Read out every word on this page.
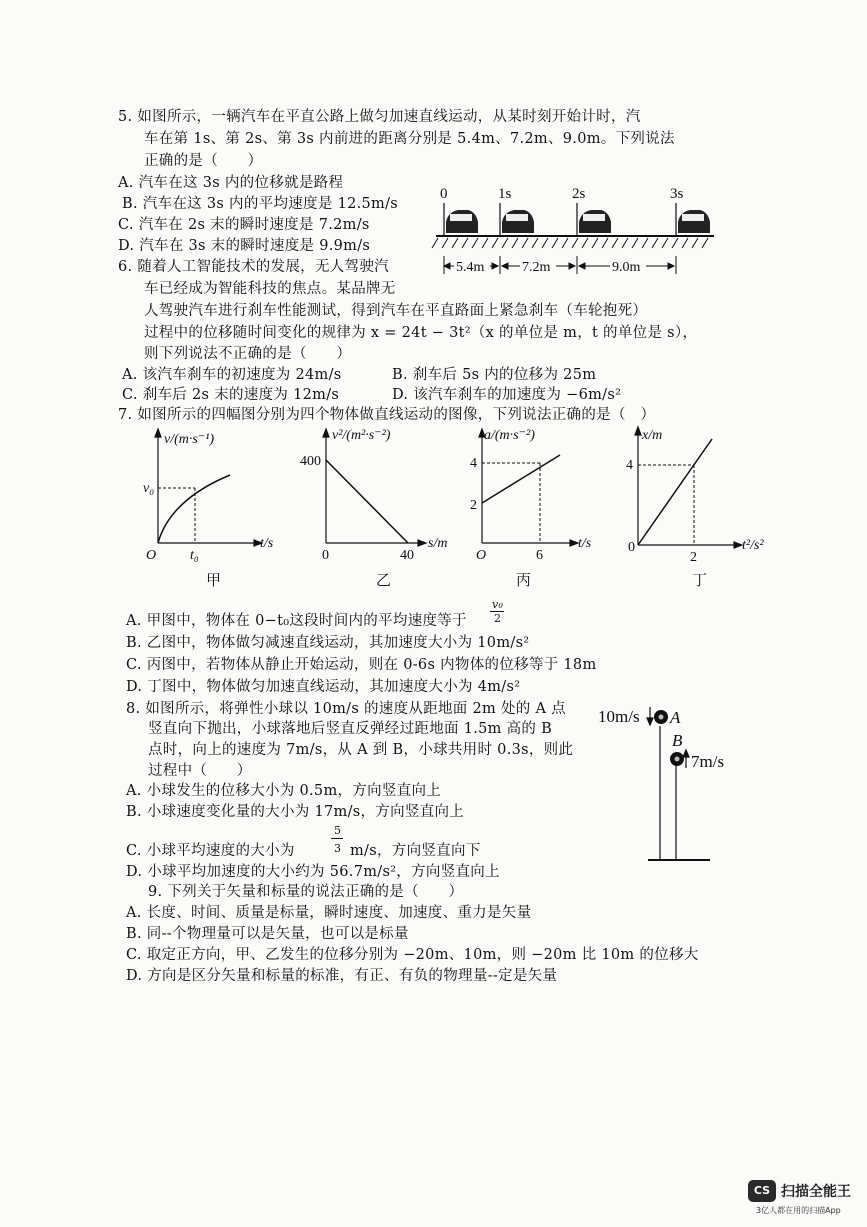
5. 如图所示，一辆汽车在平直公路上做匀加速直线运动，从某时刻开始计时，汽
车在第 1s、第 2s、第 3s 内前进的距离分别是 5.4m、7.2m、9.0m。下列说法
正确的是（　　）
A. 汽车在这 3s 内的位移就是路程
B. 汽车在这 3s 内的平均速度是 12.5m/s
C. 汽车在 2s 末的瞬时速度是 7.2m/s
D. 汽车在 3s 末的瞬时速度是 9.9m/s
0	1s	2s	3s
5.4m	7.2m	9.0m
6. 随着人工智能技术的发展，无人驾驶汽
车已经成为智能科技的焦点。某品牌无
人驾驶汽车进行刹车性能测试，得到汽车在平直路面上紧急刹车（车轮抱死）
过程中的位移随时间变化的规律为 x = 24t − 3t²（x 的单位是 m，t 的单位是 s），
则下列说法不正确的是（　　）
A. 该汽车刹车的初速度为 24m/s	B. 刹车后 5s 内的位移为 25m
C. 刹车后 2s 末的速度为 12m/s	D. 该汽车刹车的加速度为 −6m/s²
7. 如图所示的四幅图分别为四个物体做直线运动的图像，下列说法正确的是（　）
v/(m·s⁻¹)
v₀
t₀
t/s
O
甲
v²/(m²·s⁻²)
400
40
s/m
0
乙
a/(m·s⁻²)
4
2
6
t/s
O
丙
x/m
4
2
t²/s²
0
丁
A. 甲图中，物体在 0−t₀这段时间内的平均速度等于
v₀
2
B. 乙图中，物体做匀减速直线运动，其加速度大小为 10m/s²
C. 丙图中，若物体从静止开始运动，则在 0-6s 内物体的位移等于 18m
D. 丁图中，物体做匀加速直线运动，其加速度大小为 4m/s²
8. 如图所示，将弹性小球以 10m/s 的速度从距地面 2m 处的 A 点
竖直向下抛出，小球落地后竖直反弹经过距地面 1.5m 高的 B
点时，向上的速度为 7m/s，从 A 到 B，小球共用时 0.3s，则此
过程中（　　）
A. 小球发生的位移大小为 0.5m，方向竖直向上
B. 小球速度变化量的大小为 17m/s，方向竖直向上
C. 小球平均速度的大小为
5
3 m/s，方向竖直向下
D. 小球平均加速度的大小约为 56.7m/s²，方向竖直向上
10m/s A
B
7m/s
9. 下列关于矢量和标量的说法正确的是（　　）
A. 长度、时间、质量是标量，瞬时速度、加速度、重力是矢量
B. 同--个物理量可以是矢量，也可以是标量
C. 取定正方向，甲、乙发生的位移分别为 −20m、10m，则 −20m 比 10m 的位移大
D. 方向是区分矢量和标量的标准，有正、有负的物理量--定是矢量
CS 扫描全能王
3亿人都在用的扫描App
